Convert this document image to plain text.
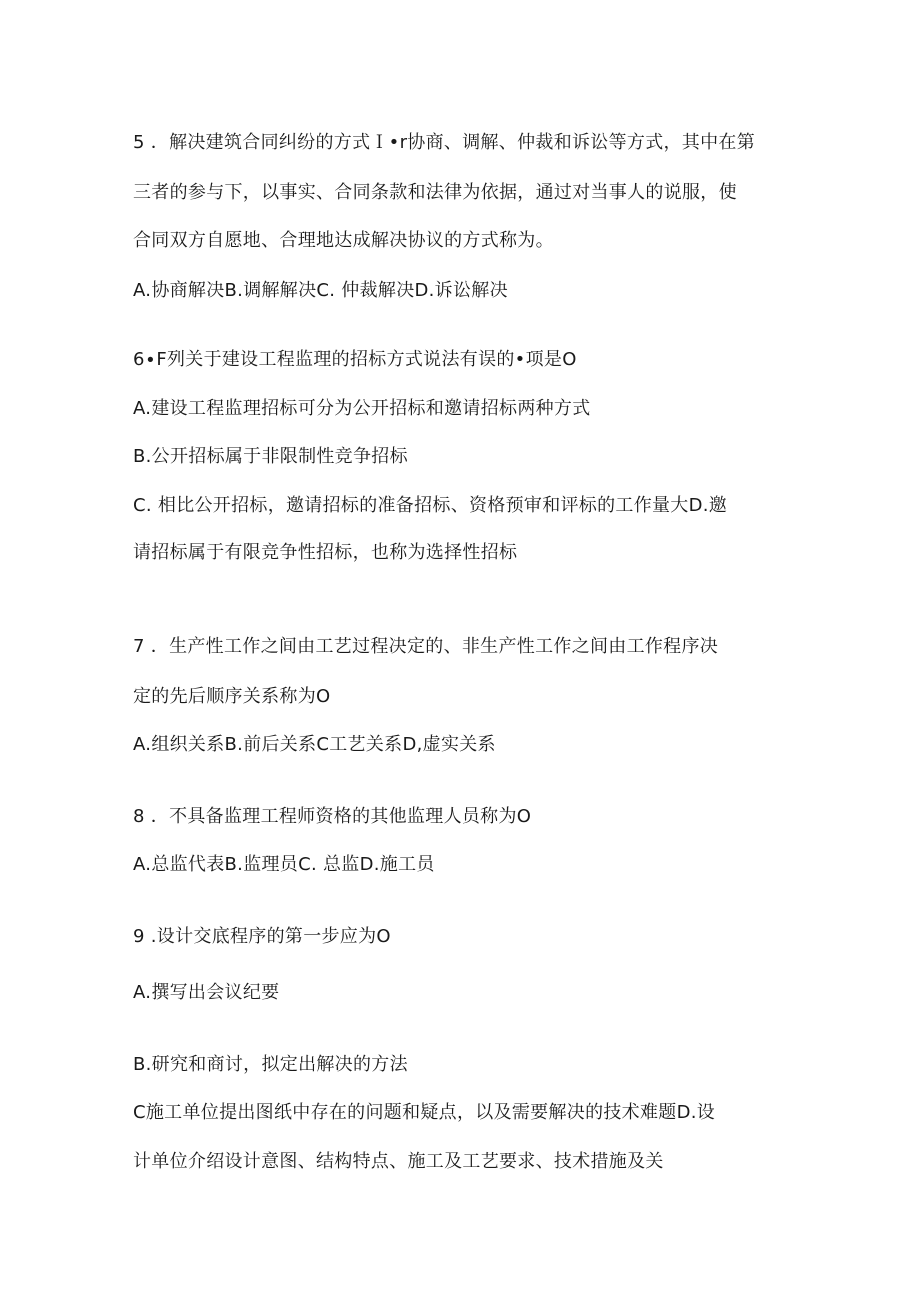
5 ．解决建筑合同纠纷的方式Ｉ•r协商、调解、仲裁和诉讼等方式，其中在第
三者的参与下，以事实、合同条款和法律为依据，通过对当事人的说服，使
合同双方自愿地、合理地达成解决协议的方式称为。
A.协商解决B.调解解决C. 仲裁解决D.诉讼解决
6∙F列关于建设工程监理的招标方式说法有误的•项是O
A.建设工程监理招标可分为公开招标和邀请招标两种方式
B.公开招标属于非限制性竞争招标
C. 相比公开招标，邀请招标的准备招标、资格预审和评标的工作量大D.邀
请招标属于有限竞争性招标，也称为选择性招标
7 ．生产性工作之间由工艺过程决定的、非生产性工作之间由工作程序决
定的先后顺序关系称为O
A.组织关系B.前后关系C工艺关系D,虚实关系
8 ．不具备监理工程师资格的其他监理人员称为O
A.总监代表B.监理员C. 总监D.施工员
9 .设计交底程序的第一步应为O
A.撰写出会议纪要
B.研究和商讨，拟定出解决的方法
C施工单位提出图纸中存在的问题和疑点，以及需要解决的技术难题D.设
计单位介绍设计意图、结构特点、施工及工艺要求、技术措施及关
